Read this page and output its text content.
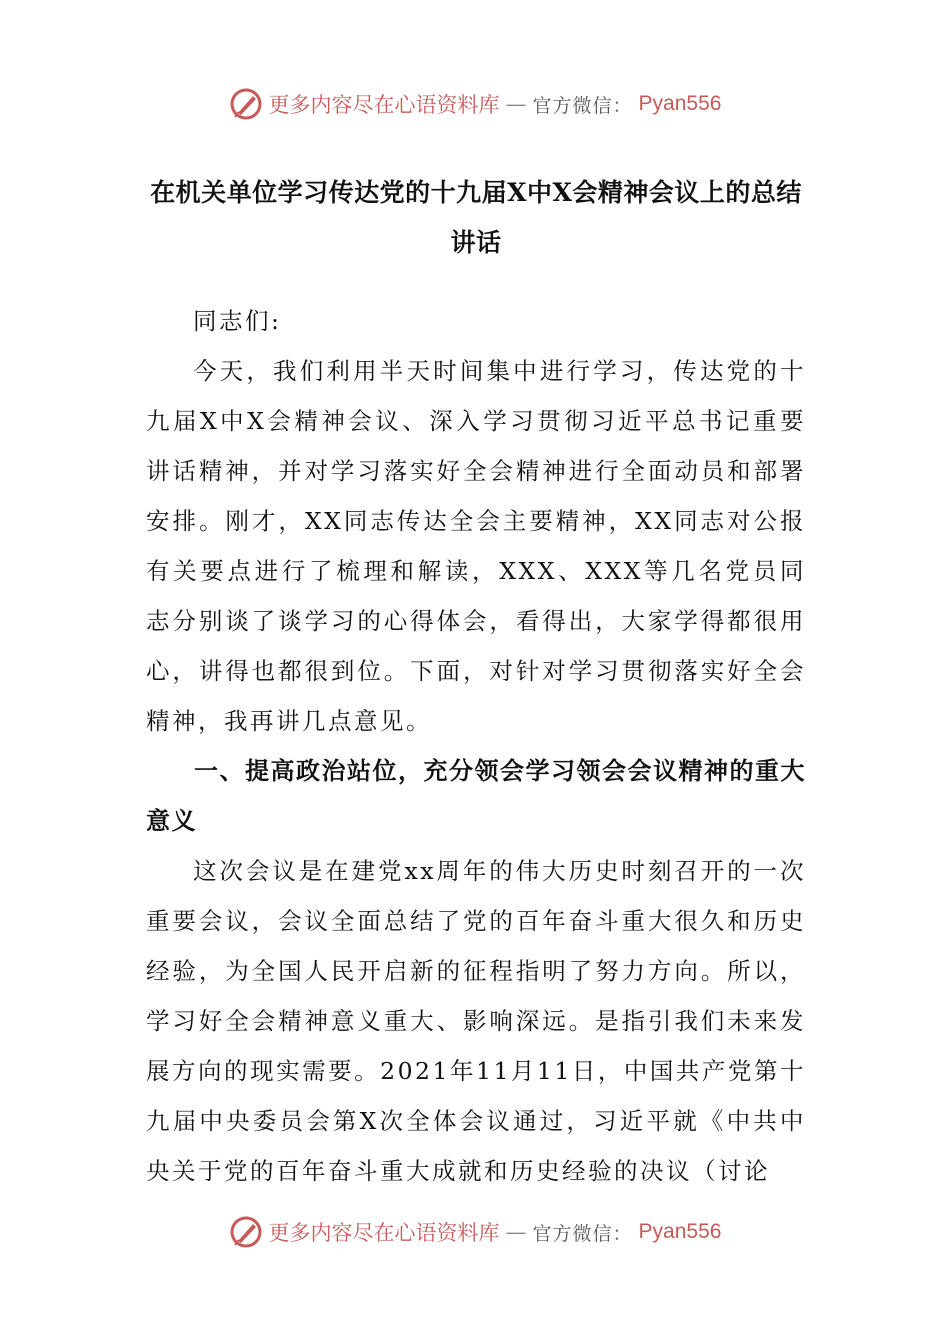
更多内容尽在心语资料库 — 官方微信： Pyan556
在机关单位学习传达党的十九届X中X会精神会议上的总结讲话

同志们:

今天，我们利用半天时间集中进行学习，传达党的十九届X中X会精神会议、深入学习贯彻习近平总书记重要讲话精神，并对学习落实好全会精神进行全面动员和部署安排。刚才，XX同志传达全会主要精神，XX同志对公报有关要点进行了梳理和解读，XXX、XXX等几名党员同志分别谈了谈学习的心得体会，看得出，大家学得都很用心，讲得也都很到位。下面，对针对学习贯彻落实好全会精神，我再讲几点意见。

一、提高政治站位，充分领会学习领会会议精神的重大意义

这次会议是在建党xx周年的伟大历史时刻召开的一次重要会议，会议全面总结了党的百年奋斗重大很久和历史经验，为全国人民开启新的征程指明了努力方向。所以，学习好全会精神意义重大、影响深远。是指引我们未来发展方向的现实需要。2021年11月11日，中国共产党第十九届中央委员会第X次全体会议通过，习近平就《中共中央关于党的百年奋斗重大成就和历史经验的决议（讨论

更多内容尽在心语资料库 — 官方微信： Pyan556
